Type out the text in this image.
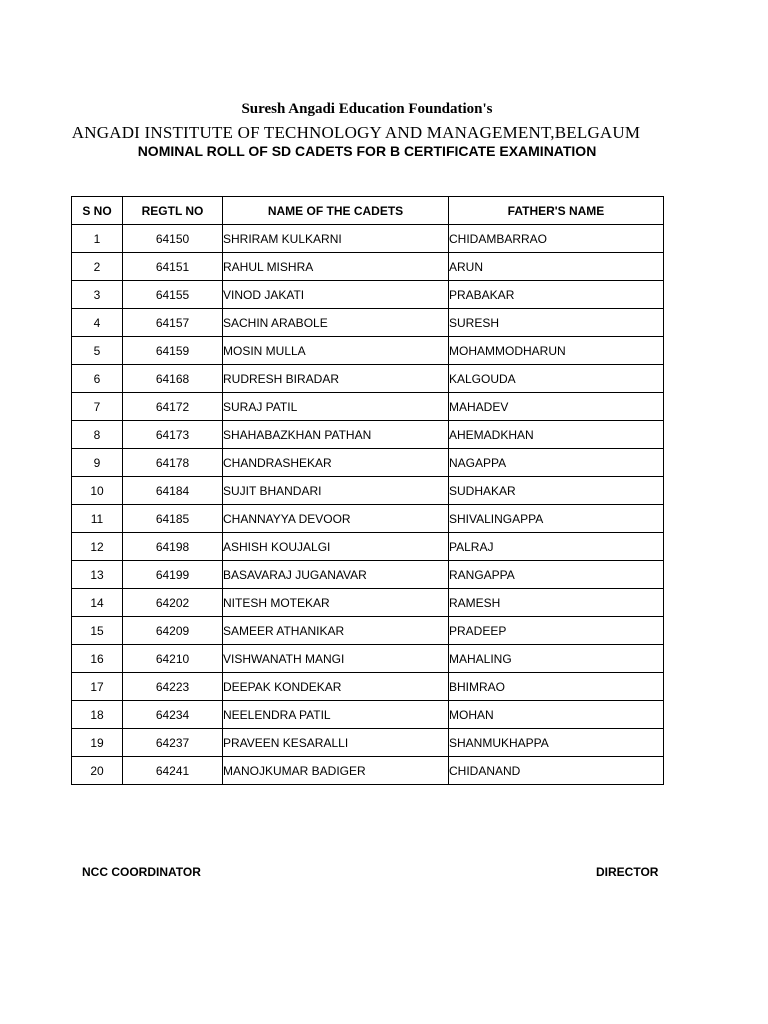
Suresh Angadi Education Foundation's
ANGADI INSTITUTE OF TECHNOLOGY AND MANAGEMENT,BELGAUM
NOMINAL ROLL OF SD CADETS FOR B CERTIFICATE EXAMINATION
S NO	REGTL NO	NAME OF THE CADETS	FATHER'S NAME
1	64150	SHRIRAM KULKARNI	CHIDAMBARRAO
2	64151	RAHUL MISHRA	ARUN
3	64155	VINOD JAKATI	PRABAKAR
4	64157	SACHIN ARABOLE	SURESH
5	64159	MOSIN MULLA	MOHAMMODHARUN
6	64168	RUDRESH BIRADAR	KALGOUDA
7	64172	SURAJ PATIL	MAHADEV
8	64173	SHAHABAZKHAN PATHAN	AHEMADKHAN
9	64178	CHANDRASHEKAR	NAGAPPA
10	64184	SUJIT BHANDARI	SUDHAKAR
11	64185	CHANNAYYA DEVOOR	SHIVALINGAPPA
12	64198	ASHISH KOUJALGI	PALRAJ
13	64199	BASAVARAJ JUGANAVAR	RANGAPPA
14	64202	NITESH MOTEKAR	RAMESH
15	64209	SAMEER ATHANIKAR	PRADEEP
16	64210	VISHWANATH MANGI	MAHALING
17	64223	DEEPAK KONDEKAR	BHIMRAO
18	64234	NEELENDRA PATIL	MOHAN
19	64237	PRAVEEN KESARALLI	SHANMUKHAPPA
20	64241	MANOJKUMAR BADIGER	CHIDANAND
NCC COORDINATOR	DIRECTOR
